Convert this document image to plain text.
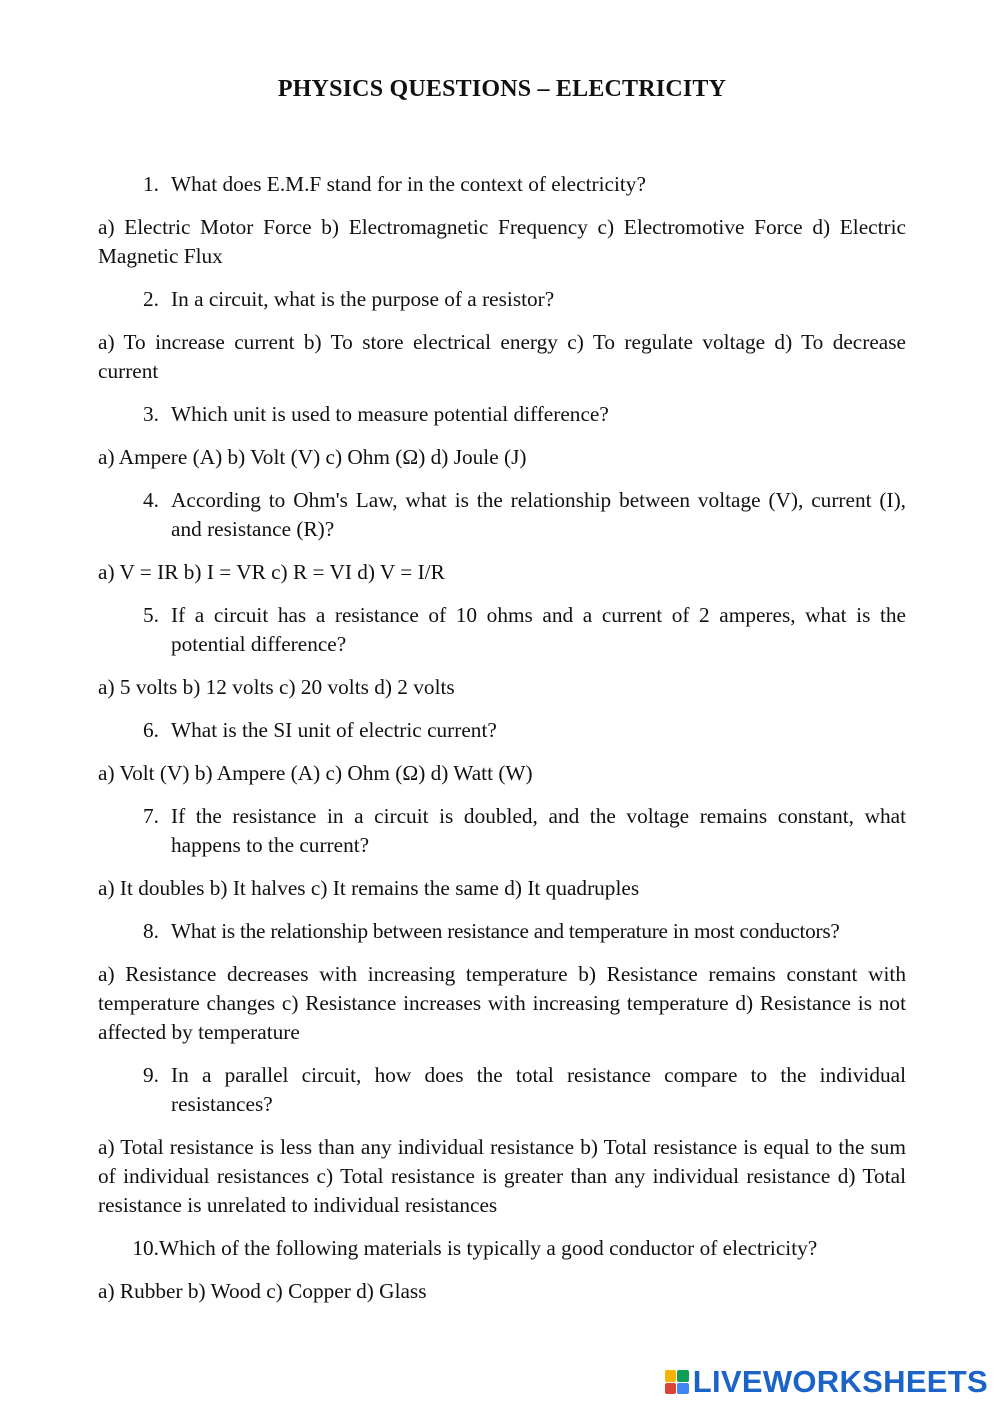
PHYSICS QUESTIONS – ELECTRICITY
1. What does E.M.F stand for in the context of electricity?
a) Electric Motor Force b) Electromagnetic Frequency c) Electromotive Force d) Electric Magnetic Flux
2. In a circuit, what is the purpose of a resistor?
a) To increase current b) To store electrical energy c) To regulate voltage d) To decrease current
3. Which unit is used to measure potential difference?
a) Ampere (A) b) Volt (V) c) Ohm (Ω) d) Joule (J)
4. According to Ohm's Law, what is the relationship between voltage (V), current (I), and resistance (R)?
a) V = IR b) I = VR c) R = VI d) V = I/R
5. If a circuit has a resistance of 10 ohms and a current of 2 amperes, what is the potential difference?
a) 5 volts b) 12 volts c) 20 volts d) 2 volts
6. What is the SI unit of electric current?
a) Volt (V) b) Ampere (A) c) Ohm (Ω) d) Watt (W)
7. If the resistance in a circuit is doubled, and the voltage remains constant, what happens to the current?
a) It doubles b) It halves c) It remains the same d) It quadruples
8. What is the relationship between resistance and temperature in most conductors?
a) Resistance decreases with increasing temperature b) Resistance remains constant with temperature changes c) Resistance increases with increasing temperature d) Resistance is not affected by temperature
9. In a parallel circuit, how does the total resistance compare to the individual resistances?
a) Total resistance is less than any individual resistance b) Total resistance is equal to the sum of individual resistances c) Total resistance is greater than any individual resistance d) Total resistance is unrelated to individual resistances
10. Which of the following materials is typically a good conductor of electricity?
a) Rubber b) Wood c) Copper d) Glass
LIVEWORKSHEETS
